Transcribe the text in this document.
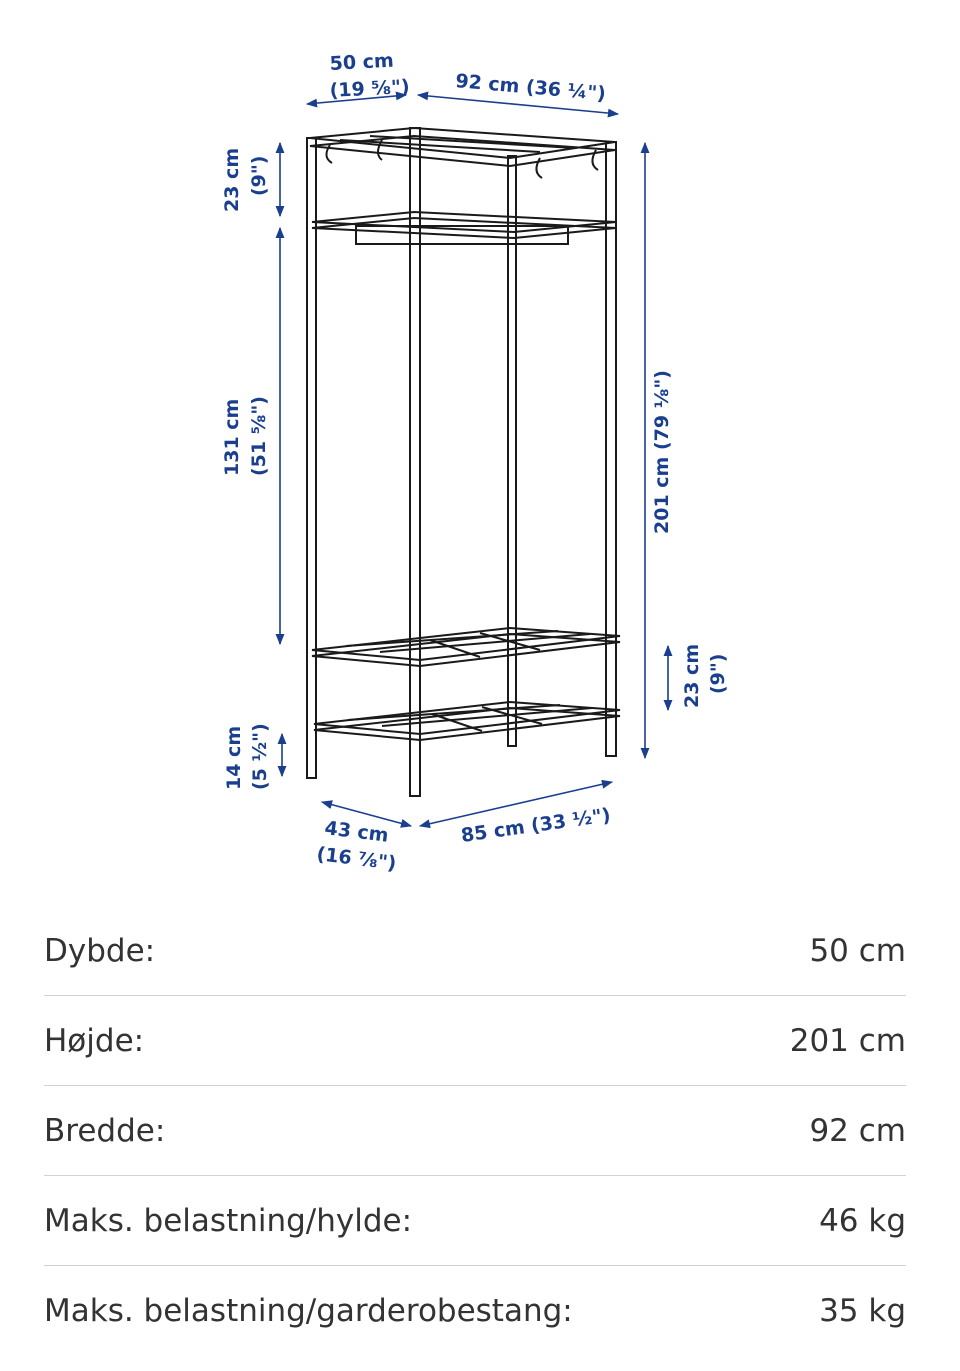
50 cm
(19 ⅝") 92 cm (36 ¼")
23 cm (9")
131 cm (51 ⅝")	201 cm (79 ⅛")
23 cm (9")
14 cm (5 ½")
43 cm
(16 ⅞")
85 cm (33 ½")
Dybde:	50 cm
Højde:	201 cm
Bredde:	92 cm
Maks. belastning/hylde:	46 kg
Maks. belastning/garderobestang:	35 kg
